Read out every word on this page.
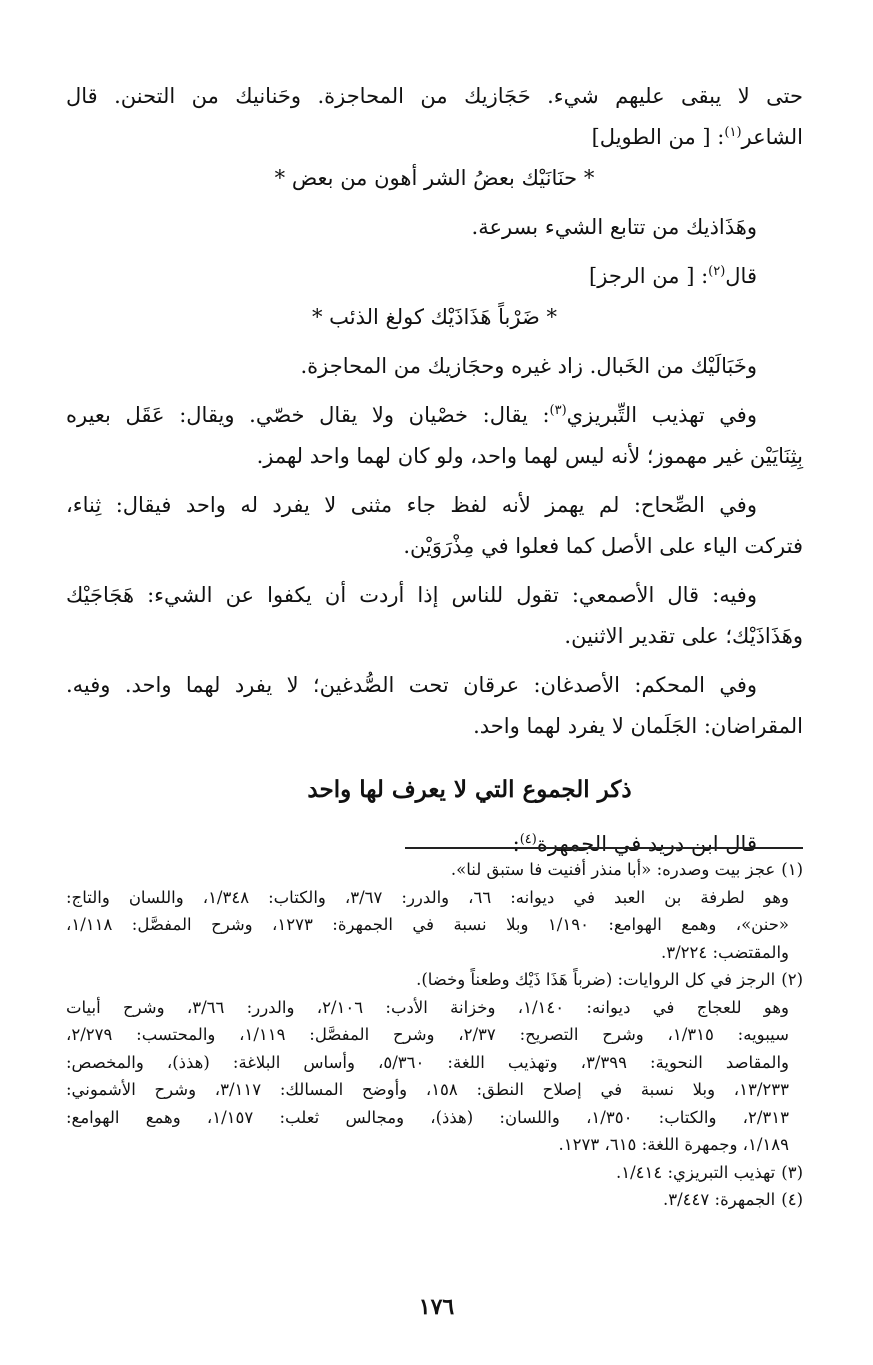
حتى لا يبقى عليهم شيء. حَجَازيك من المحاجزة. وحَنانيك من التحنن. قال

الشاعر$^{(١)}$: [ من الطويل]

* حنَانَيْك بعضُ الشر أهون من بعض *

وهَذَاذيك من تتابع الشيء بسرعة.

قال$^{(٢)}$: [ من الرجز]

* ضَرْباً هَذَاذَيْك كولغ الذئب *

وخَبَالَيْك من الخَبال. زاد غيره وحجَازيك من المحاجزة.

وفي تهذيب التِّبريزي$^{(٣)}$: يقال: خصْيان ولا يقال خصّي. ويقال: عَقَل بعيره

بِثِنَايَيْن غير مهموز؛ لأنه ليس لهما واحد، ولو كان لهما واحد لهمز.

وفي الصِّحاح: لم يهمز لأنه لفظ جاء مثنى لا يفرد له واحد فيقال: ثِناء،

فتركت الياء على الأصل كما فعلوا في مِذْرَوَيْن.

وفيه: قال الأصمعي: تقول للناس إذا أردت أن يكفوا عن الشيء: هَجَاجَيْك

وهَذَاذَيْك؛ على تقدير الاثنين.

وفي المحكم: الأصدغان: عرقان تحت الصُّدغين؛ لا يفرد لهما واحد. وفيه.

المقراضان: الجَلَمان لا يفرد لهما واحد.

ذكر الجموع التي لا يعرف لها واحد

قال ابن دريد في الجمهرة$^{(٤)}$:

(١)عجز بيت وصدره: «أبا منذر أفنيت فا ستبق لنا».

وهو لطرفة بن العبد في ديوانه: ٦٦، والدرر: ٣/٦٧، والكتاب: ١/٣٤٨، واللسان والتاج:

«حنن»، وهمع الهوامع: ١/١٩٠ وبلا نسبة في الجمهرة: ١٢٧٣، وشرح المفصَّل: ١/١١٨،

والمقتضب: ٣/٢٢٤.

(٢)الرجز في كل الروايات: (ضرباً هَذَا ذَيْك وطعناً وخضا).

وهو للعجاج في ديوانه: ١/١٤٠، وخزانة الأدب: ٢/١٠٦، والدرر: ٣/٦٦، وشرح أبيات

سيبويه: ١/٣١٥، وشرح التصريح: ٢/٣٧، وشرح المفصَّل: ١/١١٩، والمحتسب: ٢/٢٧٩،

والمقاصد النحوية: ٣/٣٩٩، وتهذيب اللغة: ٥/٣٦٠، وأساس البلاغة: (هذذ)، والمخصص:

١٣/٢٣٣، وبلا نسبة في إصلاح النطق: ١٥٨، وأوضح المسالك: ٣/١١٧، وشرح الأشموني:

٢/٣١٣، والكتاب: ١/٣٥٠، واللسان: (هذذ)، ومجالس ثعلب: ١/١٥٧، وهمع الهوامع:

١/١٨٩، وجمهرة اللغة: ٦١٥، ١٢٧٣.

(٣)تهذيب التبريزي: ١/٤١٤.

(٤)الجمهرة: ٣/٤٤٧.

١٧٦
